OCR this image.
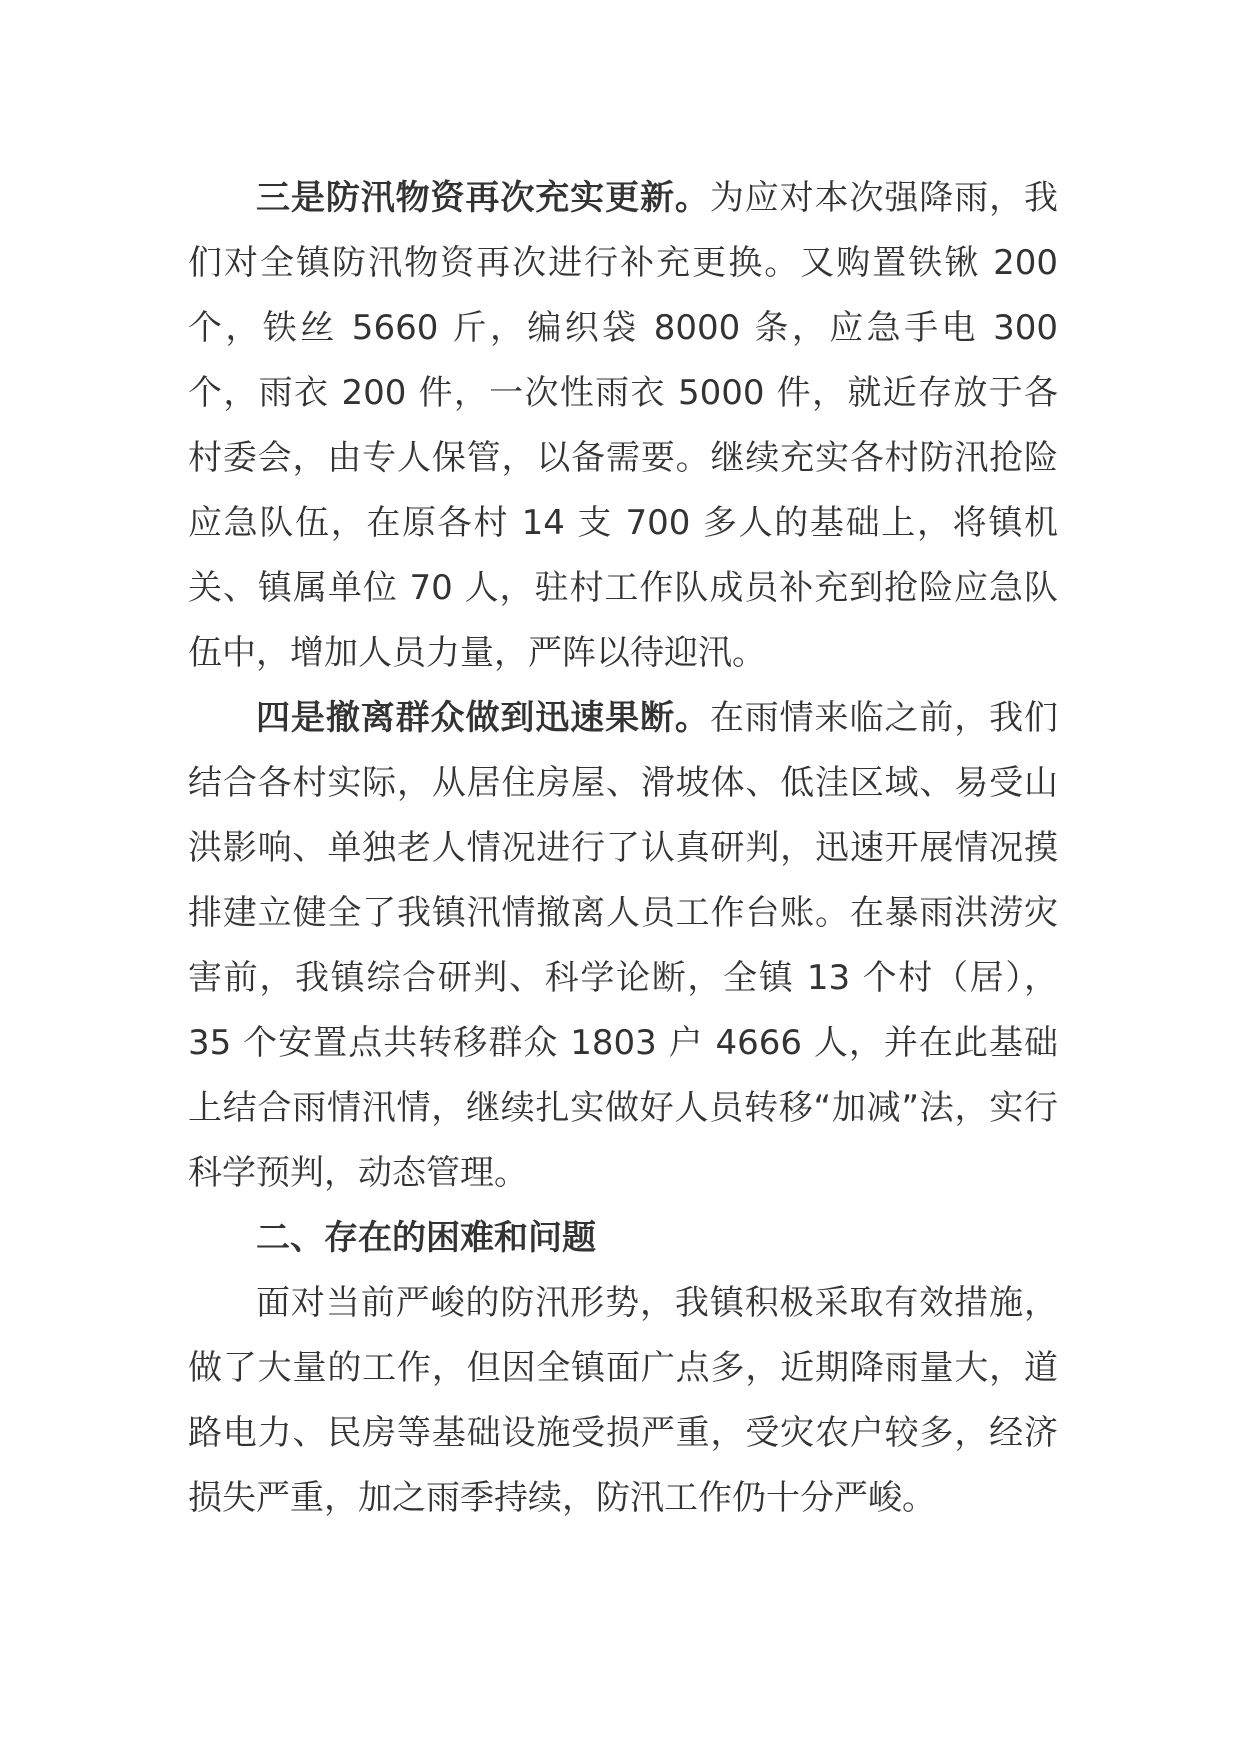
三是防汛物资再次充实更新。为应对本次强降雨，我们对全镇防汛物资再次进行补充更换。又购置铁锹 200 个，铁丝 5660 斤，编织袋 8000 条，应急手电 300 个，雨衣 200 件，一次性雨衣 5000 件，就近存放于各村委会，由专人保管，以备需要。继续充实各村防汛抢险应急队伍，在原各村 14 支 700 多人的基础上，将镇机关、镇属单位 70 人，驻村工作队成员补充到抢险应急队伍中，增加人员力量，严阵以待迎汛。

四是撤离群众做到迅速果断。在雨情来临之前，我们结合各村实际，从居住房屋、滑坡体、低洼区域、易受山洪影响、单独老人情况进行了认真研判，迅速开展情况摸排建立健全了我镇汛情撤离人员工作台账。在暴雨洪涝灾害前，我镇综合研判、科学论断，全镇 13 个村（居），35 个安置点共转移群众 1803 户 4666 人，并在此基础上结合雨情汛情，继续扎实做好人员转移“加减”法，实行科学预判，动态管理。

二、存在的困难和问题

面对当前严峻的防汛形势，我镇积极采取有效措施，做了大量的工作，但因全镇面广点多，近期降雨量大，道路电力、民房等基础设施受损严重，受灾农户较多，经济损失严重，加之雨季持续，防汛工作仍十分严峻。
